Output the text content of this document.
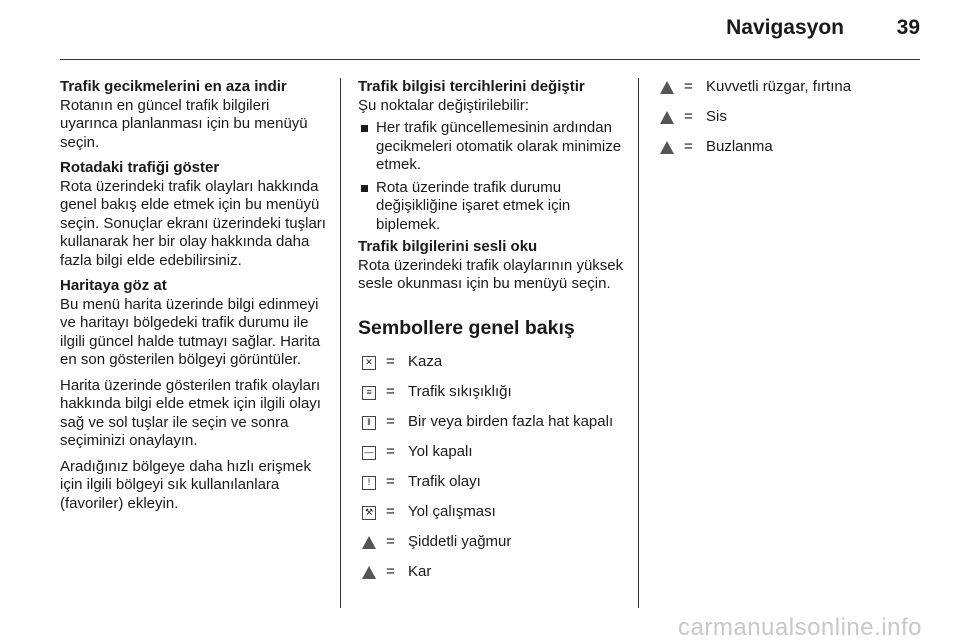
Navigasyon	39
Trafik gecikmelerini en aza indir
Rotanın en güncel trafik bilgileri uyarınca planlanması için bu menüyü seçin.
Rotadaki trafiği göster
Rota üzerindeki trafik olayları hakkında genel bakış elde etmek için bu menüyü seçin. Sonuçlar ekranı üzerindeki tuşları kullanarak her bir olay hakkında daha fazla bilgi elde edebilirsiniz.
Haritaya göz at
Bu menü harita üzerinde bilgi edinmeyi ve haritayı bölgedeki trafik durumu ile ilgili güncel halde tutmayı sağlar. Harita en son gösterilen bölgeyi görüntüler.
Harita üzerinde gösterilen trafik olayları hakkında bilgi elde etmek için ilgili olayı sağ ve sol tuşlar ile seçin ve sonra seçiminizi onaylayın.
Aradığınız bölgeye daha hızlı erişmek için ilgili bölgeyi sık kullanılanlara (favoriler) ekleyin.
Trafik bilgisi tercihlerini değiştir
Şu noktalar değiştirilebilir:
Her trafik güncellemesinin ardından gecikmeleri otomatik olarak minimize etmek.
Rota üzerinde trafik durumu değişikliğine işaret etmek için biplemek.
Trafik bilgilerini sesli oku
Rota üzerindeki trafik olaylarının yüksek sesle okunması için bu menüyü seçin.
Sembollere genel bakış
✕ = Kaza
≡ = Trafik sıkışıklığı
‖	= Bir veya birden fazla hat kapalı
— = Yol kapalı
!	= Trafik olayı
⚒ = Yol çalışması
= Şiddetli yağmur
= Kar
= Kuvvetli rüzgar, fırtına
= Sis
= Buzlanma
carmanualsonline.info
